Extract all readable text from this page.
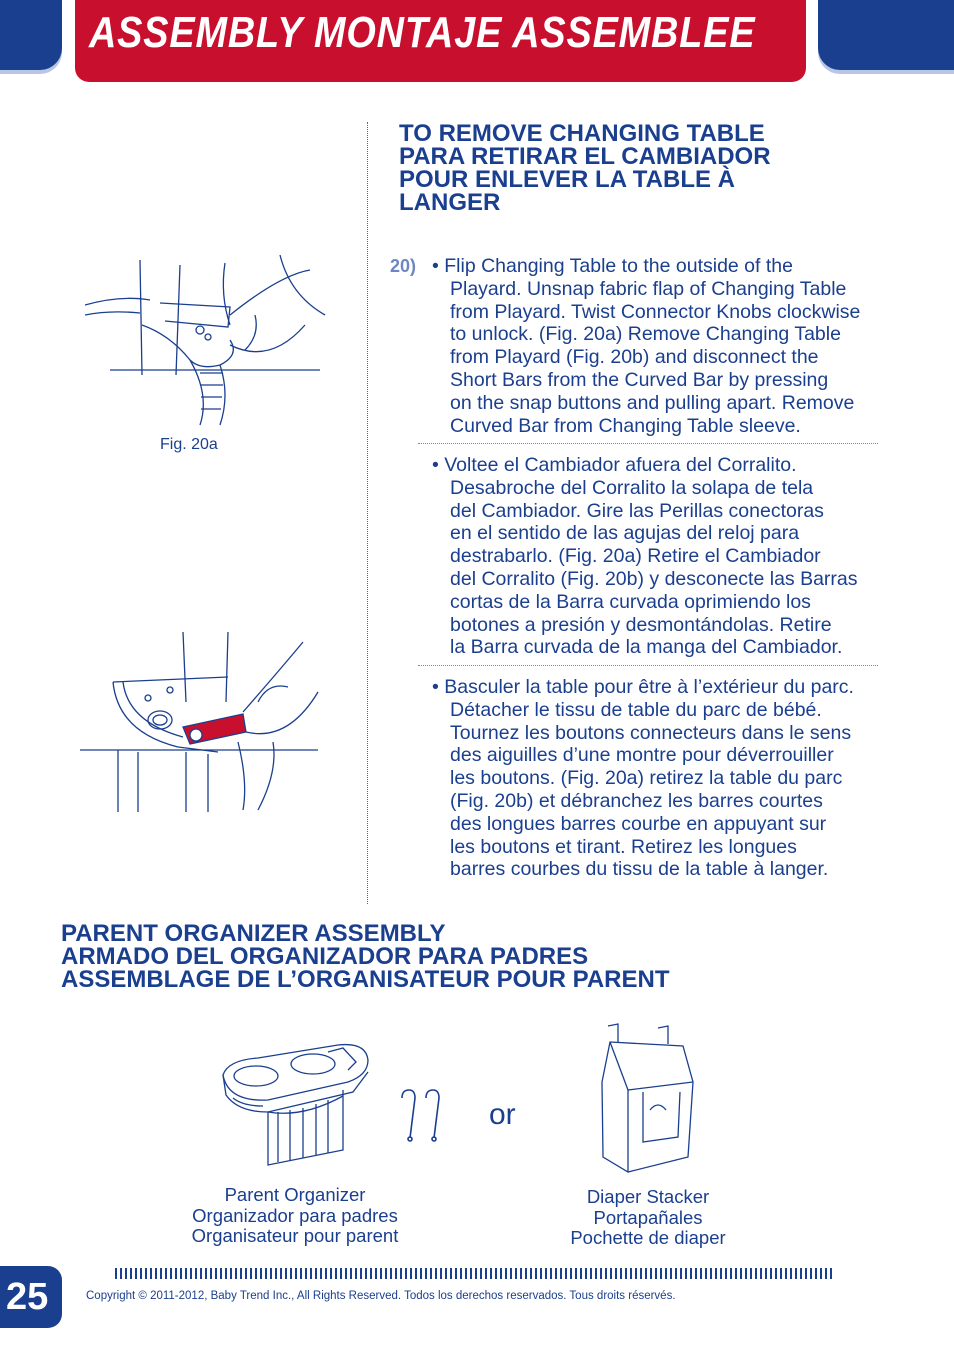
ASSEMBLY MONTAJE ASSEMBLEE
TO REMOVE CHANGING TABLE
PARA RETIRAR EL CAMBIADOR
POUR ENLEVER LA TABLE À
LANGER
Fig. 20a
20) • Flip Changing Table to the outside of the
Playard. Unsnap fabric flap of Changing Table
from Playard. Twist Connector Knobs clockwise
to unlock. (Fig. 20a) Remove Changing Table
from Playard (Fig. 20b) and disconnect the
Short Bars from the Curved Bar by pressing
on the snap buttons and pulling apart. Remove
Curved Bar from Changing Table sleeve.
• Voltee el Cambiador afuera del Corralito.
Desabroche del Corralito la solapa de tela
del Cambiador. Gire las Perillas conectoras
en el sentido de las agujas del reloj para
destrabarlo. (Fig. 20a) Retire el Cambiador
del Corralito (Fig. 20b) y desconecte las Barras
cortas de la Barra curvada oprimiendo los
botones a presión y desmontándolas. Retire
la Barra curvada de la manga del Cambiador.
• Basculer la table pour être à l’extérieur du parc.
Détacher le tissu de table du parc de bébé.
Tournez les boutons connecteurs dans le sens
des aiguilles d’une montre pour déverrouiller
les boutons. (Fig. 20a) retirez la table du parc
(Fig. 20b) et débranchez les barres courtes
des longues barres courbe en appuyant sur
les boutons et tirant. Retirez les longues
barres courbes du tissu de la table à langer.
PARENT ORGANIZER ASSEMBLY
ARMADO DEL ORGANIZADOR PARA PADRES
ASSEMBLAGE DE L’ORGANISATEUR POUR PARENT
or
Parent Organizer
Organizador para padres
Organisateur pour parent
Diaper Stacker
Portapañales
Pochette de diaper
25	Copyright © 2011-2012, Baby Trend Inc., All Rights Reserved. Todos los derechos reservados. Tous droits réservés.
